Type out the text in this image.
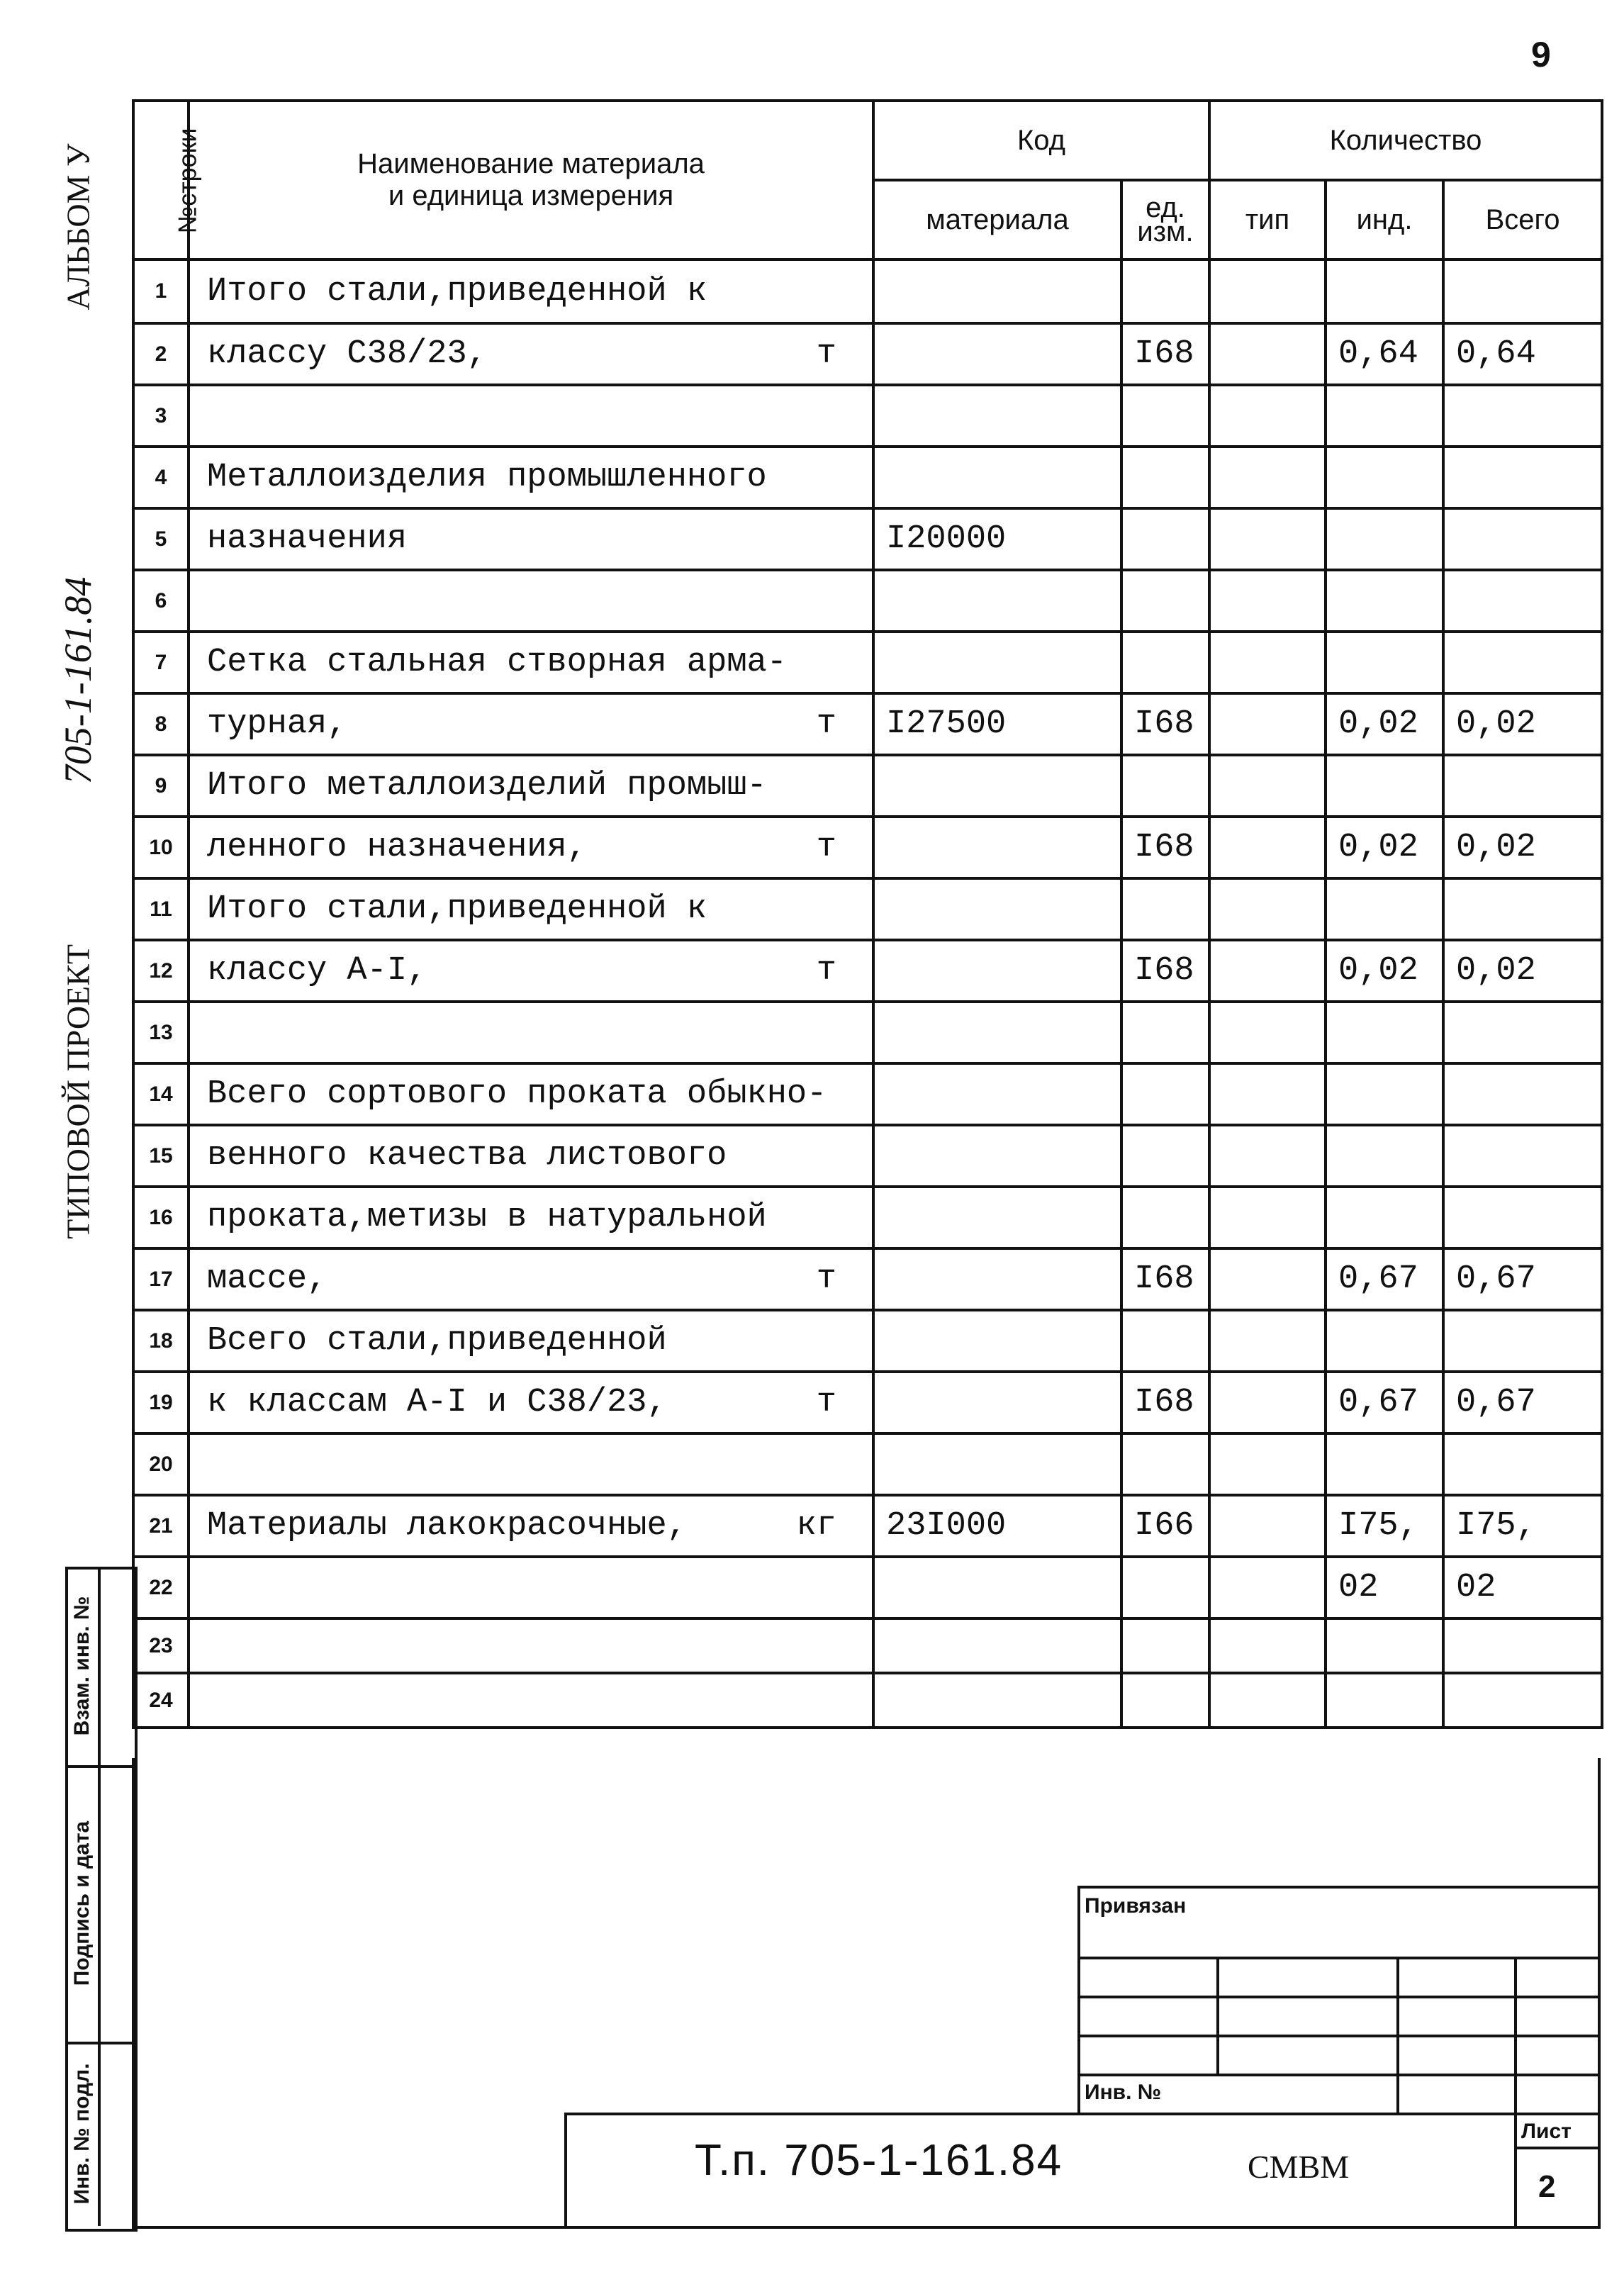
9
АЛЬБОМ У
705-1-161.84
ТИПОВОЙ ПРОЕКТ
№строки	Наименование материала
и единица измерения	Код		Количество		
		материала	ед.
изм.	тип	инд.	Всего
1	Итого стали,приведенной к					

2	классу С38/23, т		I68		0,64	0,64
3	

4	Металлоизделия промышленного					

5	назначения	I20000				
6	

7	Сетка стальная створная арма-					

8	турная, т	I27500	I68		0,02	0,02
9	Итого металлоизделий промыш-					

10	ленного назначения, т		I68		0,02	0,02
11	Итого стали,приведенной к					

12	классу А-I, т		I68		0,02	0,02
13	

14	Всего сортового проката обыкно-					

15	венного качества листового					

16	проката,метизы в натуральной					

17	массе, т		I68		0,67	0,67
18	Всего стали,приведенной					

19	к классам А-I и С38/23, т		I68		0,67	0,67
20	

21	Материалы лакокрасочные, кг	23I000	I66		I75,	I75,
22					02	02
23	

24	

Взам. инв. №
Подпись и дата
Инв. № подл.
Привязан
Инв. №
Т.п. 705-1-161.84	СМВМ
Лист
2
